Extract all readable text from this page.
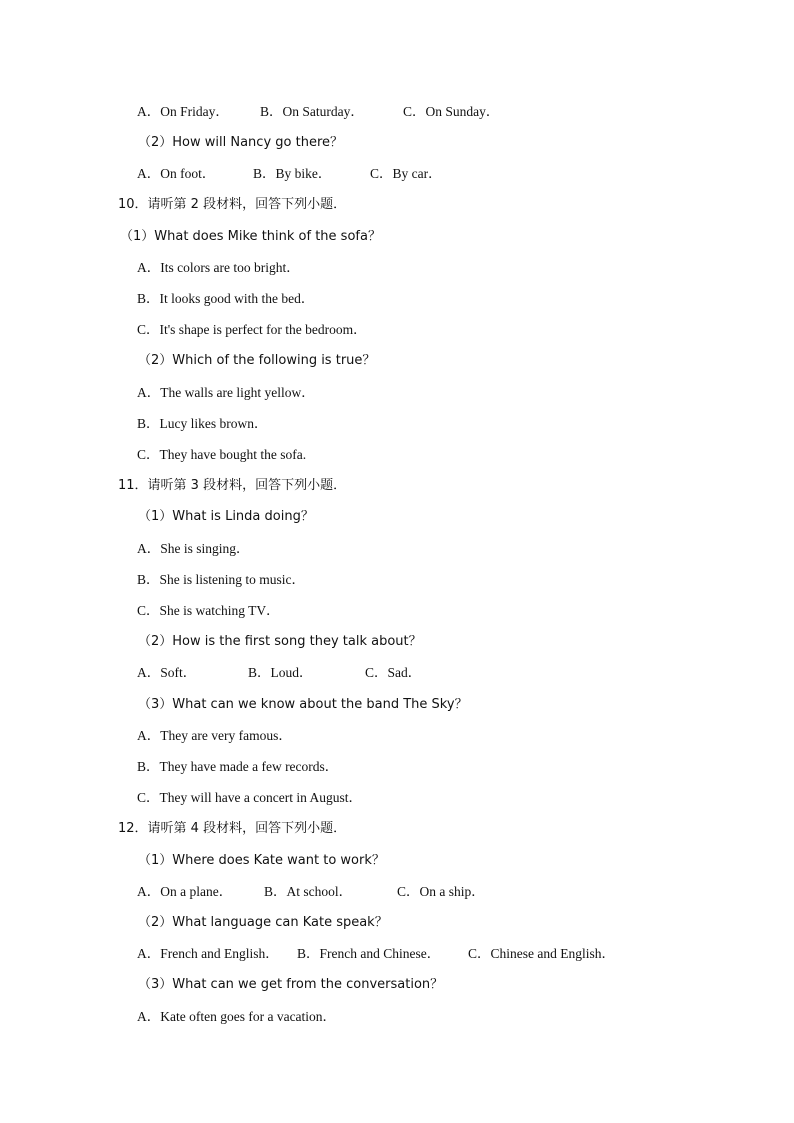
A．On Friday． B．On Saturday．	C．On Sunday．
（2）How will Nancy go there？
A．On foot．	B．By bike．	C．By car．
10．请听第 2 段材料，回答下列小题．
（1）What does Mike think of the sofa？
A．Its colors are too bright．
B．It looks good with the bed．
C．It's shape is perfect for the bedroom．
（2）Which of the following is true？
A．The walls are light yellow．
B．Lucy likes brown．
C．They have bought the sofa.
11．请听第 3 段材料，回答下列小题．
（1）What is Linda doing？
A．She is singing．
B．She is listening to music．
C．She is watching TV．
（2）How is the first song they talk about？
A．Soft．	B．Loud．	C．Sad．
（3）What can we know about the band The Sky？
A．They are very famous．
B．They have made a few records．
C．They will have a concert in August．
12．请听第 4 段材料，回答下列小题．
（1）Where does Kate want to work？
A．On a plane． B．At school．	C．On a ship．
（2）What language can Kate speak？
A．French and English． B．French and Chinese． C．Chinese and English．
（3）What can we get from the conversation？
A．Kate often goes for a vacation．
